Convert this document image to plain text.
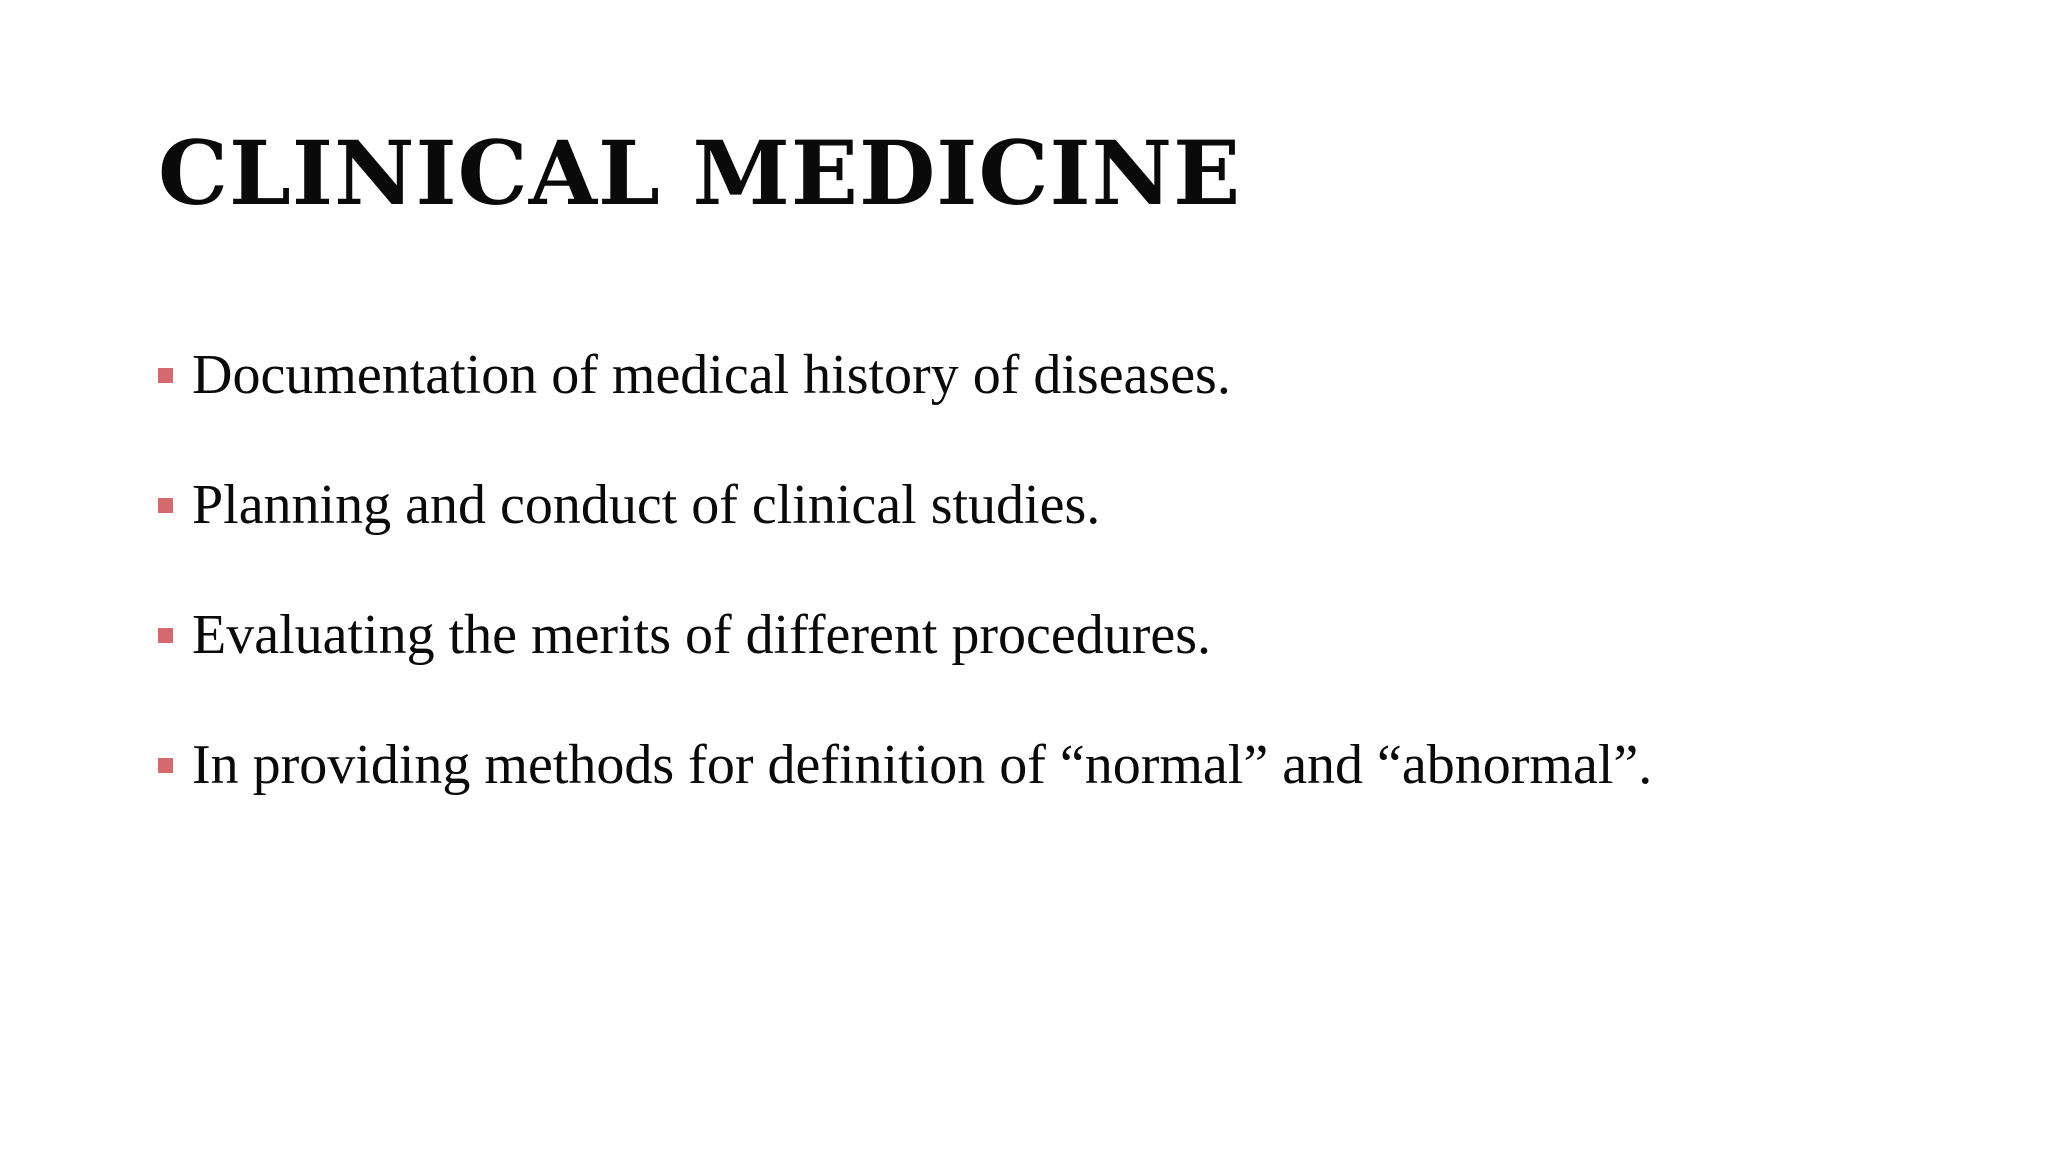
CLINICAL MEDICINE
Documentation of medical history of diseases.
Planning and conduct of clinical studies.
Evaluating the merits of different procedures.
In providing methods for definition of “normal” and “abnormal”.
